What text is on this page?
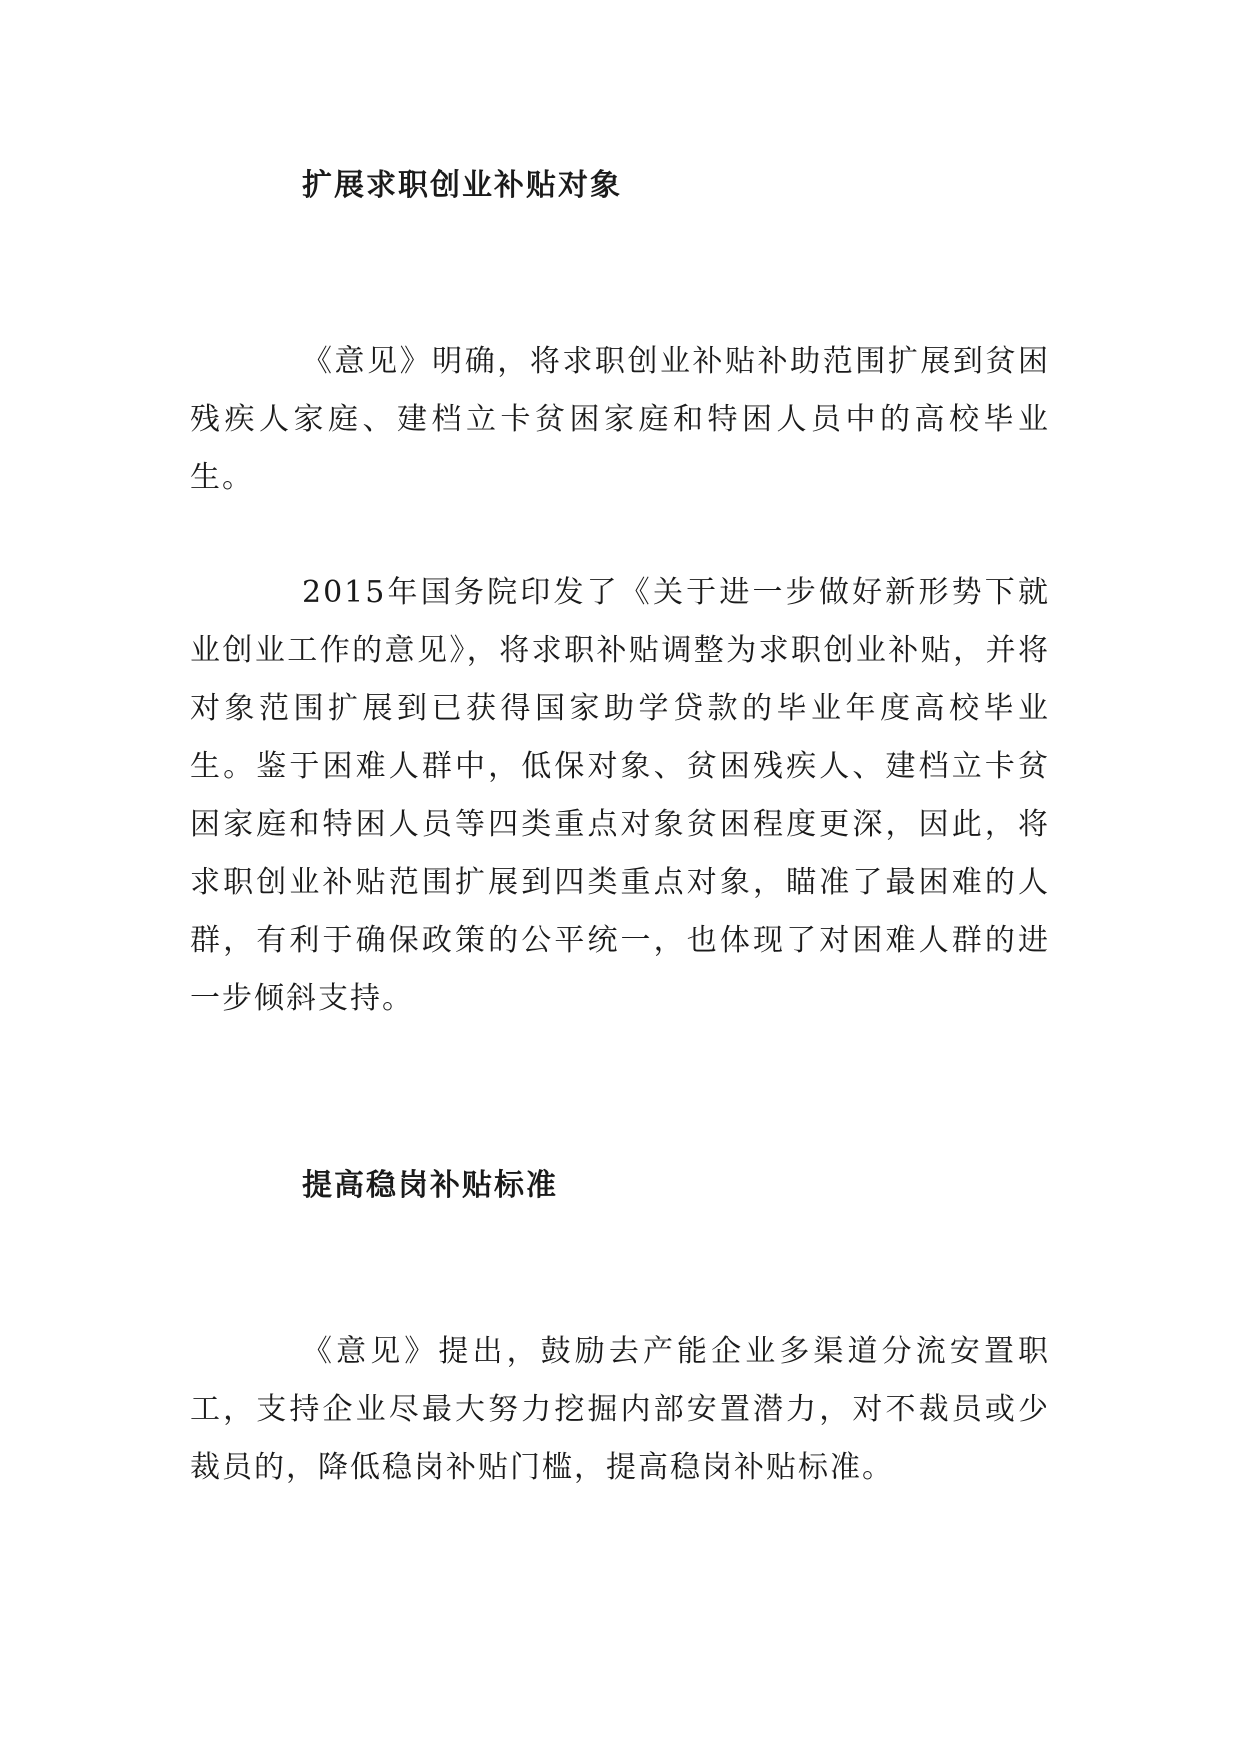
扩展求职创业补贴对象

《意见》明确，将求职创业补贴补助范围扩展到贫困残疾人家庭、建档立卡贫困家庭和特困人员中的高校毕业生。

2015年国务院印发了《关于进一步做好新形势下就业创业工作的意见》，将求职补贴调整为求职创业补贴，并将对象范围扩展到已获得国家助学贷款的毕业年度高校毕业生。鉴于困难人群中，低保对象、贫困残疾人、建档立卡贫困家庭和特困人员等四类重点对象贫困程度更深，因此，将求职创业补贴范围扩展到四类重点对象，瞄准了最困难的人群，有利于确保政策的公平统一，也体现了对困难人群的进一步倾斜支持。

提高稳岗补贴标准

《意见》提出，鼓励去产能企业多渠道分流安置职工，支持企业尽最大努力挖掘内部安置潜力，对不裁员或少裁员的，降低稳岗补贴门槛，提高稳岗补贴标准。
